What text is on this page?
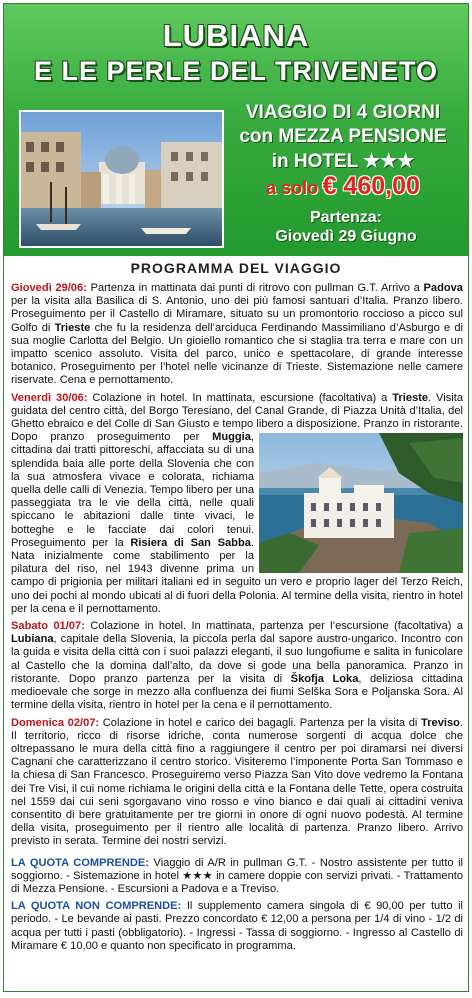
LUBIANA
E LE PERLE DEL TRIVENETO
VIAGGIO DI 4 GIORNI
con MEZZA PENSIONE
in HOTEL ★★★
a solo € 460,00
Partenza:
Giovedì 29 Giugno
PROGRAMMA DEL VIAGGIO

Giovedì 29/06: Partenza in mattinata dai punti di ritrovo con pullman G.T. Arrivo a Padova per la visita alla Basilica di S. Antonio, uno dei più famosi santuari d’Italia. Pranzo libero. Proseguimento per il Castello di Miramare, situato su un promontorio roccioso a picco sul Golfo di Trieste che fu la residenza dell’arciduca Ferdinando Massimiliano d’Asburgo e di sua moglie Carlotta del Belgio. Un gioiello romantico che si staglia tra terra e mare con un impatto scenico assoluto. Visita del parco, unico e spettacolare, di grande interesse botanico. Proseguimento per l’hotel nelle vicinanze di Trieste. Sistemazione nelle camere riservate. Cena e pernottamento.

Venerdì 30/06: Colazione in hotel. In mattinata, escursione (facoltativa) a Trieste. Visita guidata del centro città, del Borgo Teresiano, del Canal Grande, di Piazza Unità d’Italia, del Ghetto ebraico e del Colle di San Giusto e tempo libero a disposizione. Pranzo in ristorante. Dopo pranzo proseguimento per
Muggia, cittadina dai tratti pittoreschi, affacciata su di una splendida baia alle porte della Slovenia che con la sua atmosfera vivace e colorata, richiama quella delle calli di Venezia. Tempo libero per una passeggiata tra le vie della città, nelle quali spiccano le abitazioni dalle tinte vivaci, le botteghe e le facciate dai colori tenui. Proseguimento per la Risiera di San Sabba. Nata inizialmente come stabilimento per la pilatura del riso, nel 1943 divenne prima un campo di prigionia per militari italiani ed in seguito un vero e proprio lager del Terzo Reich, uno dei pochi al mondo ubicati al di fuori della Polonia. Al termine della visita, rientro in hotel per la cena e il pernottamento.

Sabato 01/07: Colazione in hotel. In mattinata, partenza per l’escursione (facoltativa) a Lubiana, capitale della Slovenia, la piccola perla dal sapore austro-ungarico. Incontro con la guida e visita della città con i suoi palazzi eleganti, il suo lungofiume e salita in funicolare al Castello che la domina dall’alto, da dove si gode una bella panoramica. Pranzo in ristorante. Dopo pranzo partenza per la visita di Škofja Loka, deliziosa cittadina medioevale che sorge in mezzo alla confluenza dei fiumi Selška Sora e Poljanska Sora. Al termine della visita, rientro in hotel per la cena e il pernottamento.

Domenica 02/07: Colazione in hotel e carico dei bagagli. Partenza per la visita di Treviso. Il territorio, ricco di risorse idriche, conta numerose sorgenti di acqua dolce che oltrepassano le mura della città fino a raggiungere il centro per poi diramarsi nei diversi Cagnani che caratterizzano il centro storico. Visiteremo l’imponente Porta San Tommaso e la chiesa di San Francesco. Proseguiremo verso Piazza San Vito dove vedremo la Fontana dei Tre Visi, il cui nome richiama le origini della città e la Fontana delle Tette, opera costruita nel 1559 dai cui seni sgorgavano vino rosso e vino bianco e dai quali ai cittadini veniva consentito di bere gratuitamente per tre giorni in onore di ogni nuovo podestà. Al termine della visita, proseguimento per il rientro alle località di partenza. Pranzo libero. Arrivo previsto in serata. Termine dei nostri servizi.

LA QUOTA COMPRENDE: Viaggio di A/R in pullman G.T. - Nostro assistente per tutto il soggiorno. - Sistemazione in hotel ★★★ in camere doppie con servizi privati. - Trattamento di Mezza Pensione. - Escursioni a Padova e a Treviso.

LA QUOTA NON COMPRENDE: Il supplemento camera singola di € 90,00 per tutto il periodo. - Le bevande ai pasti. Prezzo concordato € 12,00 a persona per 1/4 di vino - 1/2 di acqua per tutti i pasti (obbligatorio). - Ingressi - Tassa di soggiorno. - Ingresso al Castello di Miramare € 10,00 e quanto non specificato in programma.
